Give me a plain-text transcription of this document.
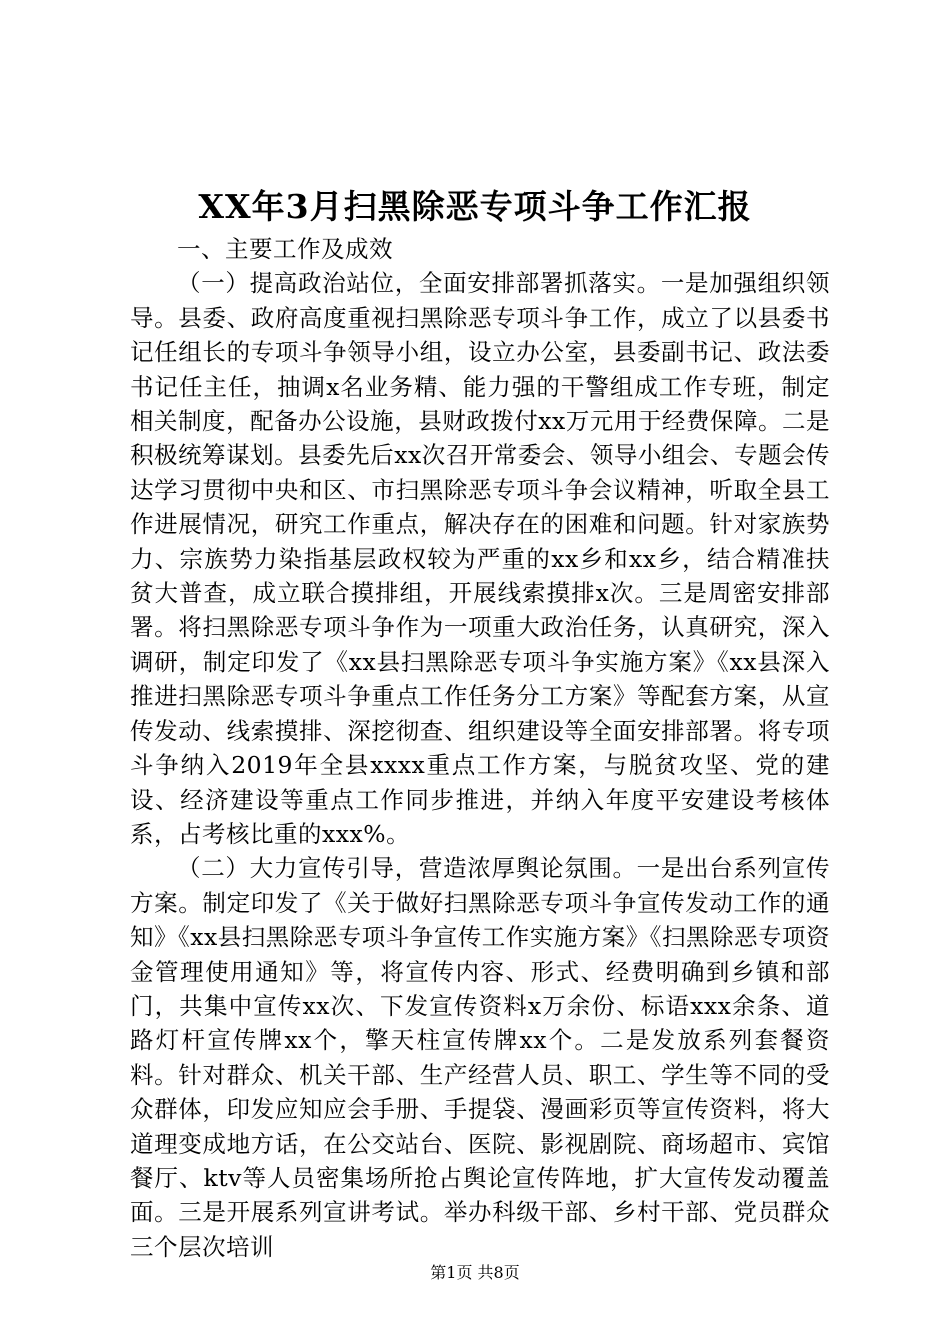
XX年3月扫黑除恶专项斗争工作汇报

一、主要工作及成效

（一）提高政治站位，全面安排部署抓落实。一是加强组织领导。县委、政府高度重视扫黑除恶专项斗争工作，成立了以县委书记任组长的专项斗争领导小组，设立办公室，县委副书记、政法委书记任主任，抽调x名业务精、能力强的干警组成工作专班，制定相关制度，配备办公设施，县财政拨付xx万元用于经费保障。二是积极统筹谋划。县委先后xx次召开常委会、领导小组会、专题会传达学习贯彻中央和区、市扫黑除恶专项斗争会议精神，听取全县工作进展情况，研究工作重点，解决存在的困难和问题。针对家族势力、宗族势力染指基层政权较为严重的xx乡和xx乡，结合精准扶贫大普查，成立联合摸排组，开展线索摸排x次。三是周密安排部署。将扫黑除恶专项斗争作为一项重大政治任务，认真研究，深入调研，制定印发了《xx县扫黑除恶专项斗争实施方案》《xx县深入推进扫黑除恶专项斗争重点工作任务分工方案》等配套方案，从宣传发动、线索摸排、深挖彻查、组织建设等全面安排部署。将专项斗争纳入2019年全县xxxx重点工作方案，与脱贫攻坚、党的建设、经济建设等重点工作同步推进，并纳入年度平安建设考核体系，占考核比重的xxx%。

（二）大力宣传引导，营造浓厚舆论氛围。一是出台系列宣传方案。制定印发了《关于做好扫黑除恶专项斗争宣传发动工作的通知》《xx县扫黑除恶专项斗争宣传工作实施方案》《扫黑除恶专项资金管理使用通知》等，将宣传内容、形式、经费明确到乡镇和部门，共集中宣传xx次、下发宣传资料x万余份、标语xxx余条、道路灯杆宣传牌xx个，擎天柱宣传牌xx个。二是发放系列套餐资料。针对群众、机关干部、生产经营人员、职工、学生等不同的受众群体，印发应知应会手册、手提袋、漫画彩页等宣传资料，将大道理变成地方话，在公交站台、医院、影视剧院、商场超市、宾馆餐厅、ktv等人员密集场所抢占舆论宣传阵地，扩大宣传发动覆盖面。三是开展系列宣讲考试。举办科级干部、乡村干部、党员群众三个层次培训

第1页 共8页
